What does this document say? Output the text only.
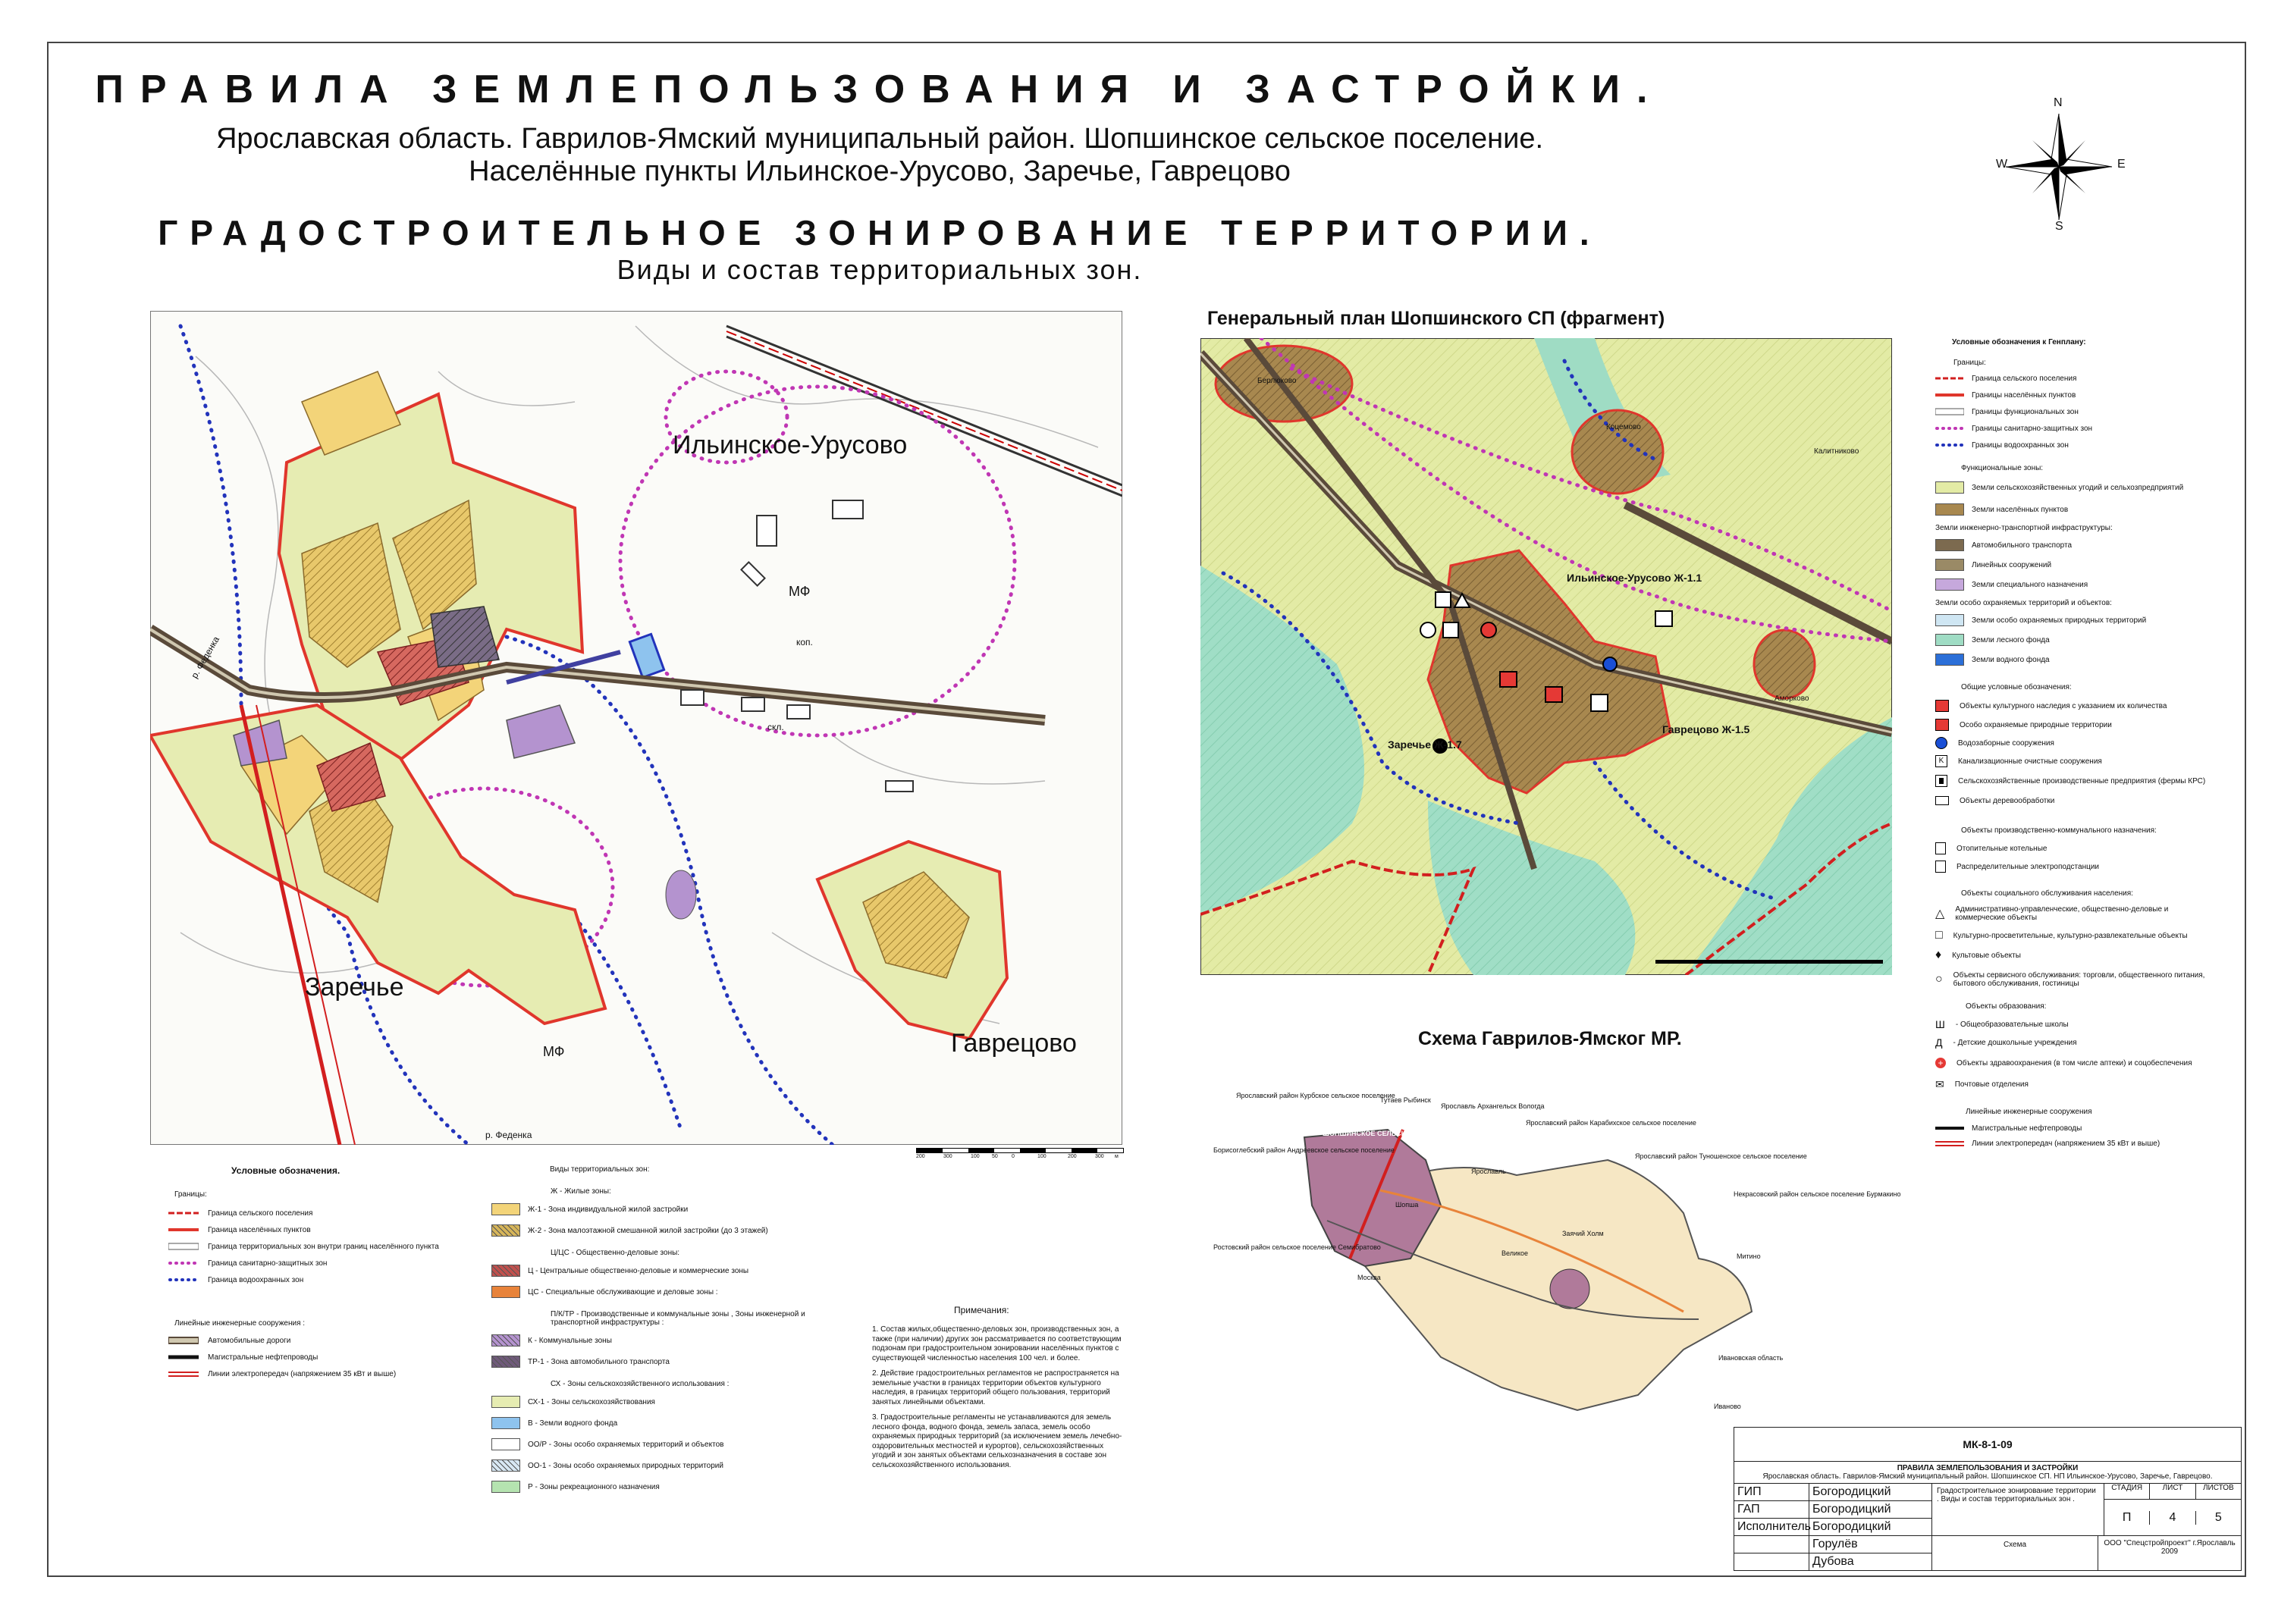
ПРАВИЛА ЗЕМЛЕПОЛЬЗОВАНИЯ И ЗАСТРОЙКИ.
Ярославская область. Гаврилов-Ямский муниципальный район. Шопшинское сельское поселение.
Населённые пункты Ильинское-Урусово, Заречье, Гаврецово
ГРАДОСТРОИТЕЛЬНОЕ ЗОНИРОВАНИЕ ТЕРРИТОРИИ.
Виды и состав территориальных зон.
N
S
E
W
Ильинское-Урусово
Заречье
Гаврецово
МФ
МФ
коп.
скл.
р. Феденка
р. Феденка
200	300	100 50	0	100	200	300 м
Условные обозначения.
Границы:
Граница сельского поселения
Граница населённых пунктов
Граница территориальных зон внутри границ населённого пункта
Граница санитарно-защитных зон
Граница водоохранных зон
Линейные инженерные сооружения :
Автомобильные дороги
Магистральные нефтепроводы
Линии электропередач (напряжением 35 кВт и выше)
Виды территориальных зон:
Ж - Жилые зоны:
Ж-1 - Зона индивидуальной жилой застройки
Ж-2 - Зона малоэтажной смешанной жилой застройки (до 3 этажей)
Ц/ЦС - Общественно-деловые зоны:
Ц - Центральные общественно-деловые и коммерческие зоны
ЦС - Специальные обслуживающие и деловые зоны :
П/К/ТР - Производственные и коммунальные зоны , Зоны инженерной и транспортной инфраструктуры :
К - Коммунальные зоны
ТР-1 - Зона автомобильного транспорта
СХ - Зоны сельскохозяйственного использования :
СХ-1 - Зоны сельскохозяйствования
В - Земли водного фонда
ОО/Р - Зоны особо охраняемых территорий и объектов
ОО-1 - Зоны особо охраняемых природных территорий
Р - Зоны рекреационного назначения
Примечания:

1. Состав жилых,общественно-деловых зон, производственных зон, а также (при наличии) других зон рассматривается по соответствующим подзонам при градостроительном зонировании населённых пунктов с существующей численностью населения 100 чел. и более.

2. Действие градостроительных регламентов не распространяется на земельные участки в границах территории объектов культурного наследия, в границах территорий общего пользования, территорий занятых линейными объектами.

3. Градостроительные регламенты не устанавливаются для земель лесного фонда, водного фонда, земель запаса, земель особо охраняемых природных территорий (за исключением земель лечебно-оздоровительных местностей и курортов), сельскохозяйственных угодий и зон занятых объектами сельхозназначения в составе зон сельскохозяйственного использования.

Генеральный план Шопшинского СП (фрагмент)
Ильинское-Урусово Ж-1.1
Заречье Ж-1.7
Гаврецово Ж-1.5
Берлюково
Коцемово
Калитниково
Аморково
Условные обозначения к Генплану:
Границы:
Граница сельского поселения
Границы населённых пунктов
Границы функциональных зон
Границы санитарно-защитных зон
Границы водоохранных зон
Функциональные зоны:
Земли сельскохозяйственных угодий и сельхозпредприятий
Земли населённых пунктов
Земли инженерно-транспортной инфраструктуры:
Автомобильного транспорта
Линейных сооружений
Земли специального назначения
Земли особо охраняемых территорий и объектов:
Земли особо охраняемых природных территорий
Земли лесного фонда
Земли водного фонда
Общие условные обозначения:
Объекты культурного наследия с указанием их количества
Особо охраняемые природные территории
Водозаборные сооружения
K	Канализационные очистные сооружения
Сельскохозяйственные производственные предприятия (фермы КРС)
Объекты деревообработки
Объекты производственно-коммунального назначения:
Отопительные котельные
Распределительные электроподстанции
Объекты социального обслуживания населения:
△ Административно-управленческие, общественно-деловые и коммерческие объекты
□ Культурно-просветительные, культурно-развлекательные объекты
♦ Культовые объекты
○ Объекты сервисного обслуживания: торговли, общественного питания, бытового обслуживания, гостиницы
Объекты образования:
Ш - Общеобразовательные школы
Д - Детские дошкольные учреждения
+	Объекты здравоохранения (в том числе аптеки) и соцобеспечения
✉ Почтовые отделения
Линейные инженерные сооружения
Магистральные нефтепроводы
Линии электропередач (напряжением 35 кВт и выше)
Схема Гаврилов-Ямског МР.
ШОПШИНСКОЕ СЕЛЬСКОЕ ПОСЕЛЕНИЕ
Ярославский район Курбское сельское поселение
Тутаев Рыбинск
Ярославль Архангельск Вологда
Ярославский район Карабихское сельское поселение
Ярославский район Туношенское сельское поселение
Некрасовский район сельское поселение Бурмакино
Борисоглебский район Андреевское сельское поселение
Ростовский район сельское поселение Семибратово
Шопша
Москва
Ярославль
Заячий Холм
Великое	Митино
Ивановская область
Иваново
МК-8-1-09
ПРАВИЛА ЗЕМЛЕПОЛЬЗОВАНИЯ И ЗАСТРОЙКИ
Ярославская область. Гаврилов-Ямский муниципальный район. Шопшинское СП. НП Ильинское-Урусово, Заречье, Гаврецово.
ГИП	Богородицкий
ГАП	Богородицкий
Исполнитель Богородицкий
Горулёв
Дубова
Градостроительное зонирование территории . Виды и состав территориальных зон .
СТАДИЯ	ЛИСТ	ЛИСТОВ
П	4	5
Схема	ООО "Спецстройпроект" г.Ярославль 2009
